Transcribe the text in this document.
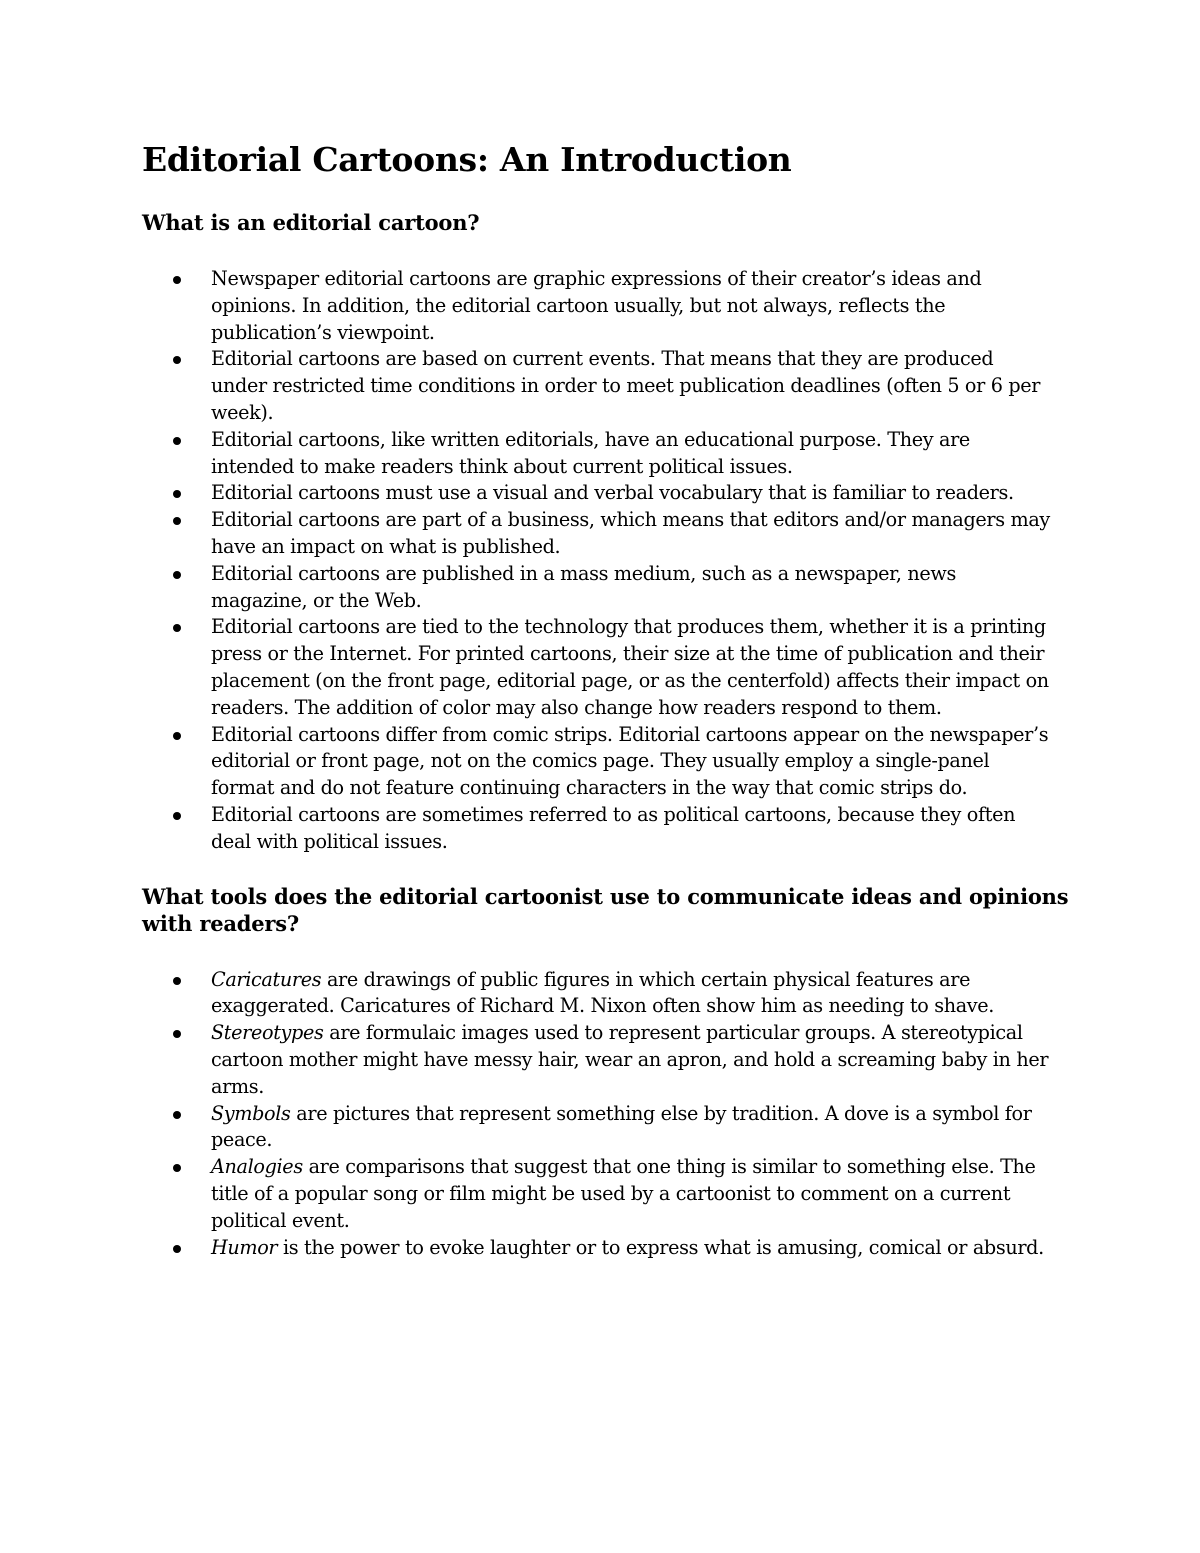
Editorial Cartoons: An Introduction
What is an editorial cartoon?
Newspaper editorial cartoons are graphic expressions of their creator’s ideas and opinions. In addition, the editorial cartoon usually, but not always, reflects the publication’s viewpoint.
Editorial cartoons are based on current events. That means that they are produced under restricted time conditions in order to meet publication deadlines (often 5 or 6 per week).
Editorial cartoons, like written editorials, have an educational purpose. They are intended to make readers think about current political issues.
Editorial cartoons must use a visual and verbal vocabulary that is familiar to readers.
Editorial cartoons are part of a business, which means that editors and/or managers may have an impact on what is published.
Editorial cartoons are published in a mass medium, such as a newspaper, news magazine, or the Web.
Editorial cartoons are tied to the technology that produces them, whether it is a printing press or the Internet. For printed cartoons, their size at the time of publication and their placement (on the front page, editorial page, or as the centerfold) affects their impact on readers. The addition of color may also change how readers respond to them.
Editorial cartoons differ from comic strips. Editorial cartoons appear on the newspaper’s editorial or front page, not on the comics page. They usually employ a single-panel format and do not feature continuing characters in the way that comic strips do.
Editorial cartoons are sometimes referred to as political cartoons, because they often deal with political issues.
What tools does the editorial cartoonist use to communicate ideas and opinions with readers?
Caricatures are drawings of public figures in which certain physical features are exaggerated. Caricatures of Richard M. Nixon often show him as needing to shave.
Stereotypes are formulaic images used to represent particular groups. A stereotypical cartoon mother might have messy hair, wear an apron, and hold a screaming baby in her arms.
Symbols are pictures that represent something else by tradition. A dove is a symbol for peace.
Analogies are comparisons that suggest that one thing is similar to something else. The title of a popular song or film might be used by a cartoonist to comment on a current political event.
Humor is the power to evoke laughter or to express what is amusing, comical or absurd.
